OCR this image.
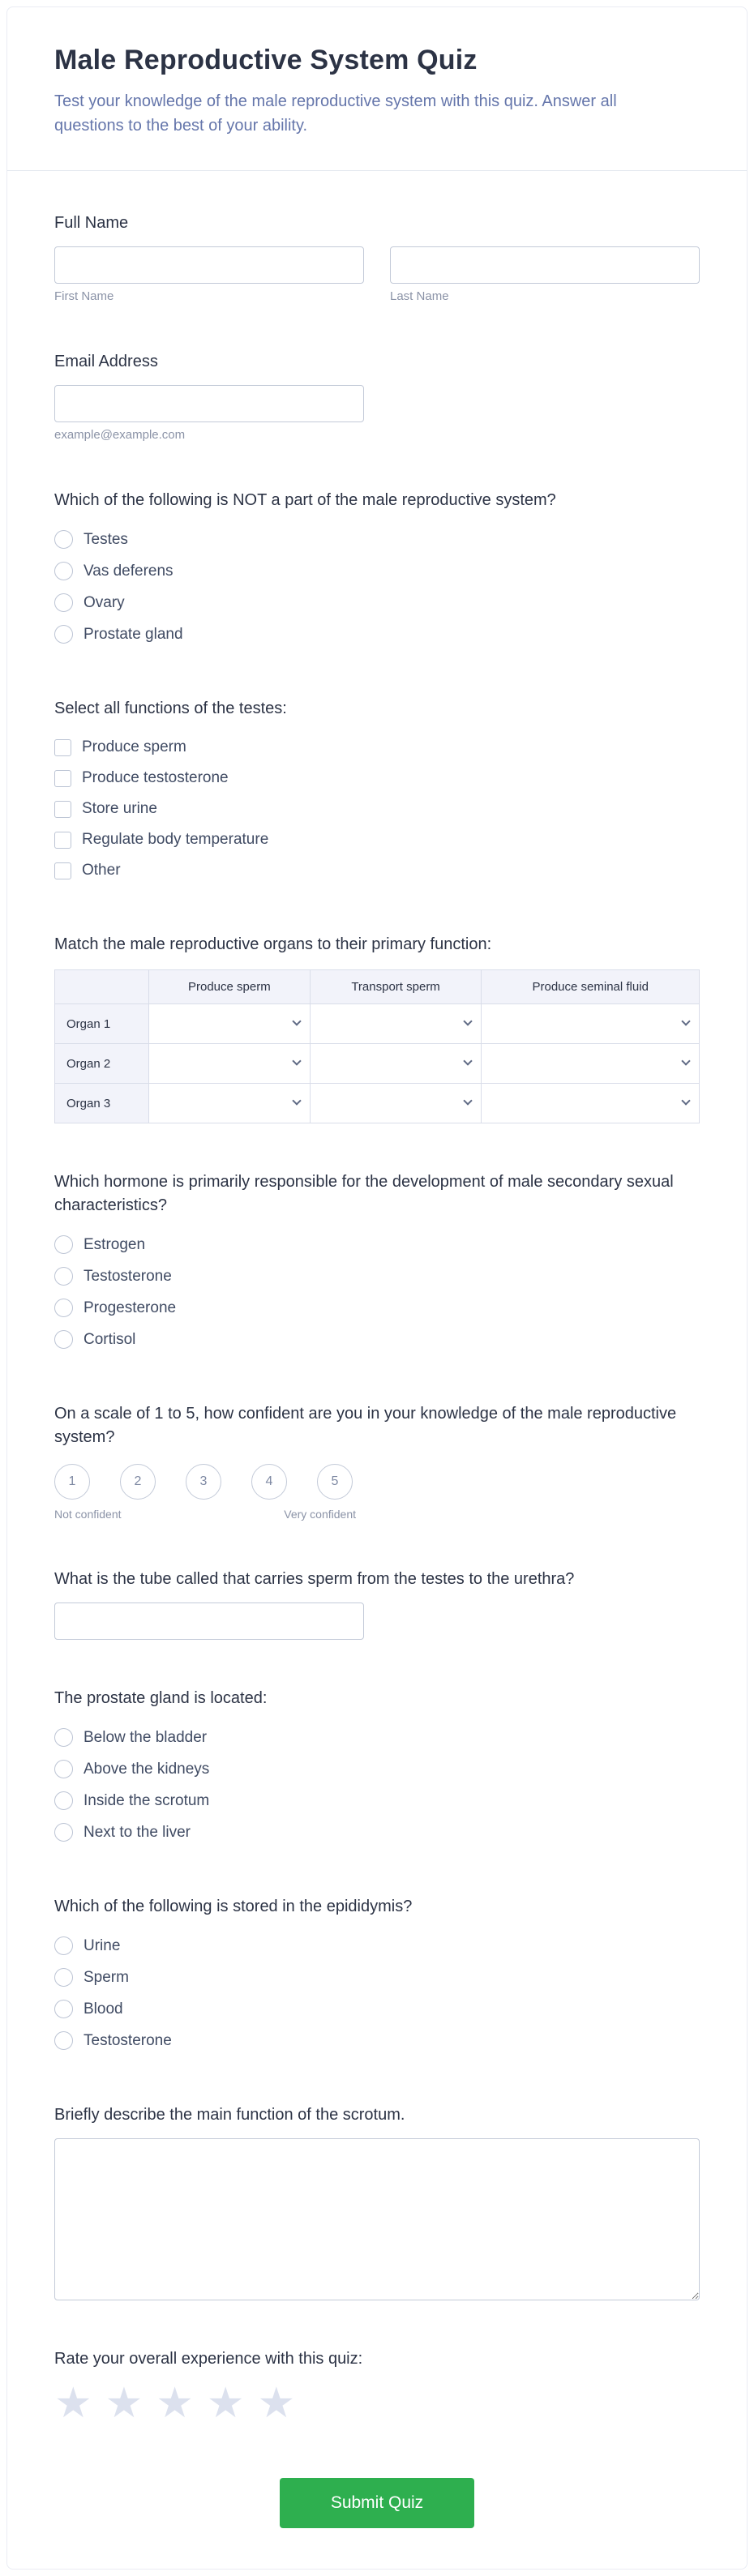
Male Reproductive System Quiz

Test your knowledge of the male reproductive system with this quiz. Answer all questions to the best of your ability.

Full Name
First Name	Last Name
Email Address
example@example.com
Which of the following is NOT a part of the male reproductive system?
Testes
Vas deferens
Ovary
Prostate gland
Select all functions of the testes:
Produce sperm
Produce testosterone
Store urine
Regulate body temperature
Other
Match the male reproductive organs to their primary function:
	Produce sperm	Transport sperm	Produce seminal fluid
Organ 1	

Organ 2	

Organ 3	

Which hormone is primarily responsible for the development of male secondary sexual characteristics?
Estrogen
Testosterone
Progesterone
Cortisol
On a scale of 1 to 5, how confident are you in your knowledge of the male reproductive system?
1	2	3	4	5
Not confident	Very confident
What is the tube called that carries sperm from the testes to the urethra?
The prostate gland is located:
Below the bladder
Above the kidneys
Inside the scrotum
Next to the liver
Which of the following is stored in the epididymis?
Urine
Sperm
Blood
Testosterone
Briefly describe the main function of the scrotum.
Rate your overall experience with this quiz:
★ ★ ★ ★ ★
Submit Quiz
